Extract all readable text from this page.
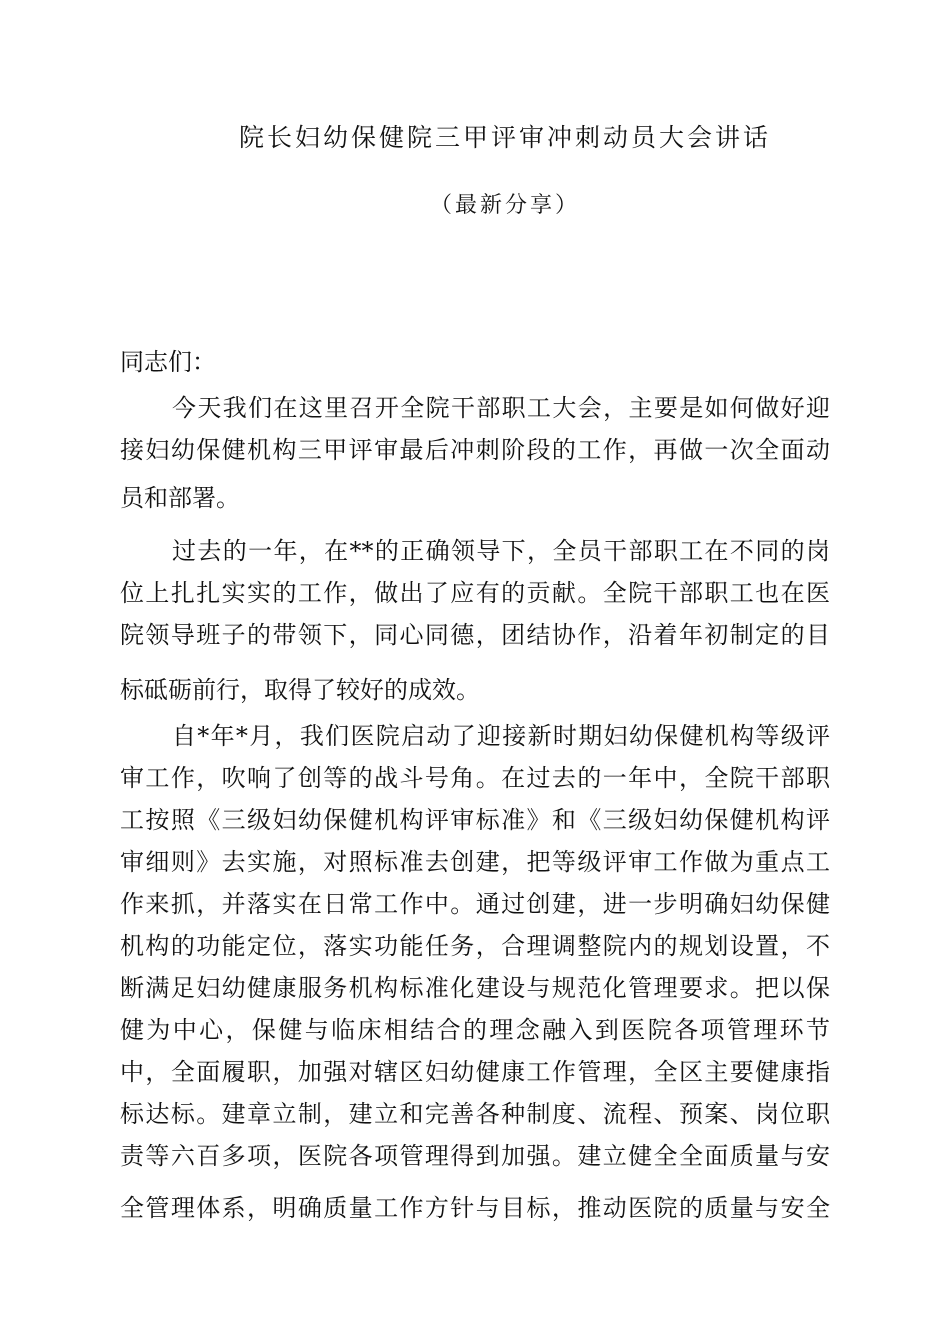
院长妇幼保健院三甲评审冲刺动员大会讲话
（最新分享）
同志们：
今天我们在这里召开全院干部职工大会，主要是如何做好迎
接妇幼保健机构三甲评审最后冲刺阶段的工作，再做一次全面动
员和部署。
过去的一年，在**的正确领导下，全员干部职工在不同的岗
位上扎扎实实的工作，做出了应有的贡献。全院干部职工也在医
院领导班子的带领下，同心同德，团结协作，沿着年初制定的目
标砥砺前行，取得了较好的成效。
自*年*月，我们医院启动了迎接新时期妇幼保健机构等级评
审工作，吹响了创等的战斗号角。在过去的一年中，全院干部职
工按照《三级妇幼保健机构评审标准》和《三级妇幼保健机构评
审细则》去实施，对照标准去创建，把等级评审工作做为重点工
作来抓，并落实在日常工作中。通过创建，进一步明确妇幼保健
机构的功能定位，落实功能任务，合理调整院内的规划设置，不
断满足妇幼健康服务机构标准化建设与规范化管理要求。把以保
健为中心，保健与临床相结合的理念融入到医院各项管理环节
中，全面履职，加强对辖区妇幼健康工作管理，全区主要健康指
标达标。建章立制，建立和完善各种制度、流程、预案、岗位职
责等六百多项，医院各项管理得到加强。建立健全全面质量与安
全管理体系，明确质量工作方针与目标，推动医院的质量与安全
